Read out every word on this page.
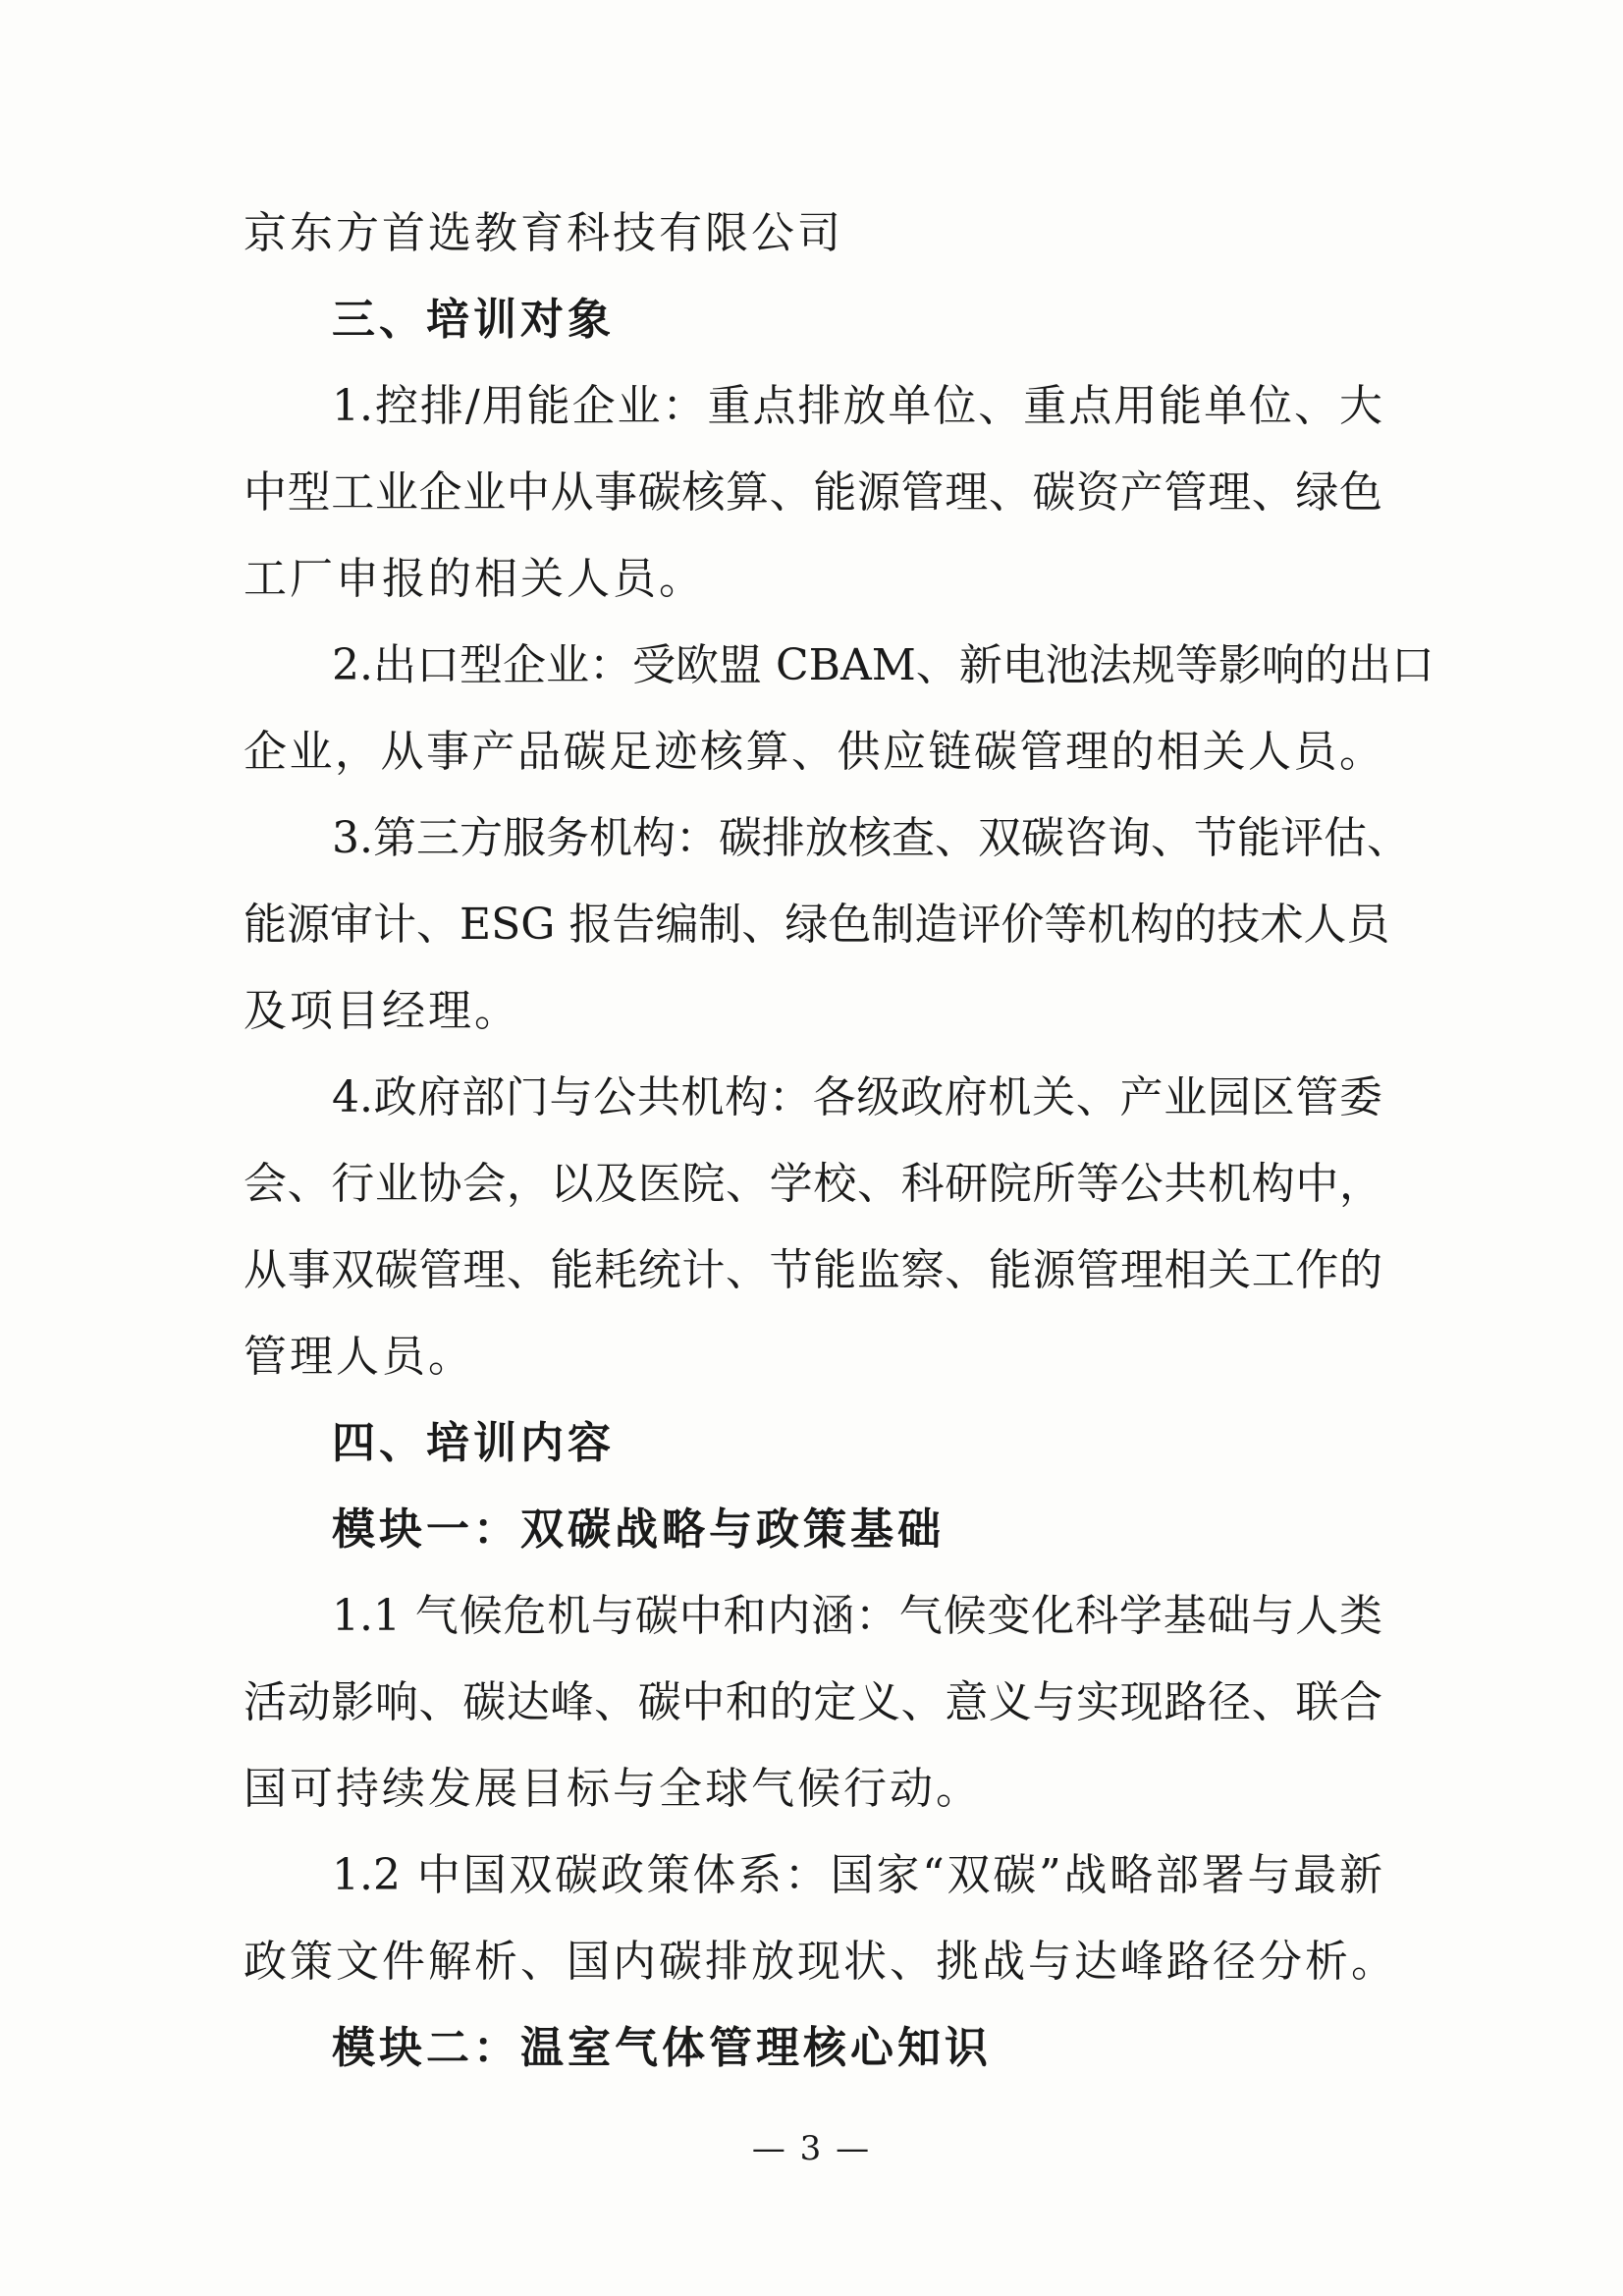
京东方首选教育科技有限公司
三、培训对象
1.控排/用能企业：重点排放单位、重点用能单位、大
中型工业企业中从事碳核算、能源管理、碳资产管理、绿色
工厂申报的相关人员。
2.出口型企业：受欧盟 CBAM、新电池法规等影响的出口
企业，从事产品碳足迹核算、供应链碳管理的相关人员。
3.第三方服务机构：碳排放核查、双碳咨询、节能评估、
能源审计、ESG 报告编制、绿色制造评价等机构的技术人员
及项目经理。
4.政府部门与公共机构：各级政府机关、产业园区管委
会、行业协会，以及医院、学校、科研院所等公共机构中，
从事双碳管理、能耗统计、节能监察、能源管理相关工作的
管理人员。
四、培训内容
模块一：双碳战略与政策基础
1.1 气候危机与碳中和内涵：气候变化科学基础与人类
活动影响、碳达峰、碳中和的定义、意义与实现路径、联合
国可持续发展目标与全球气候行动。
1.2 中国双碳政策体系：国家“双碳”战略部署与最新
政策文件解析、国内碳排放现状、挑战与达峰路径分析。
模块二：温室气体管理核心知识
— 3 —
